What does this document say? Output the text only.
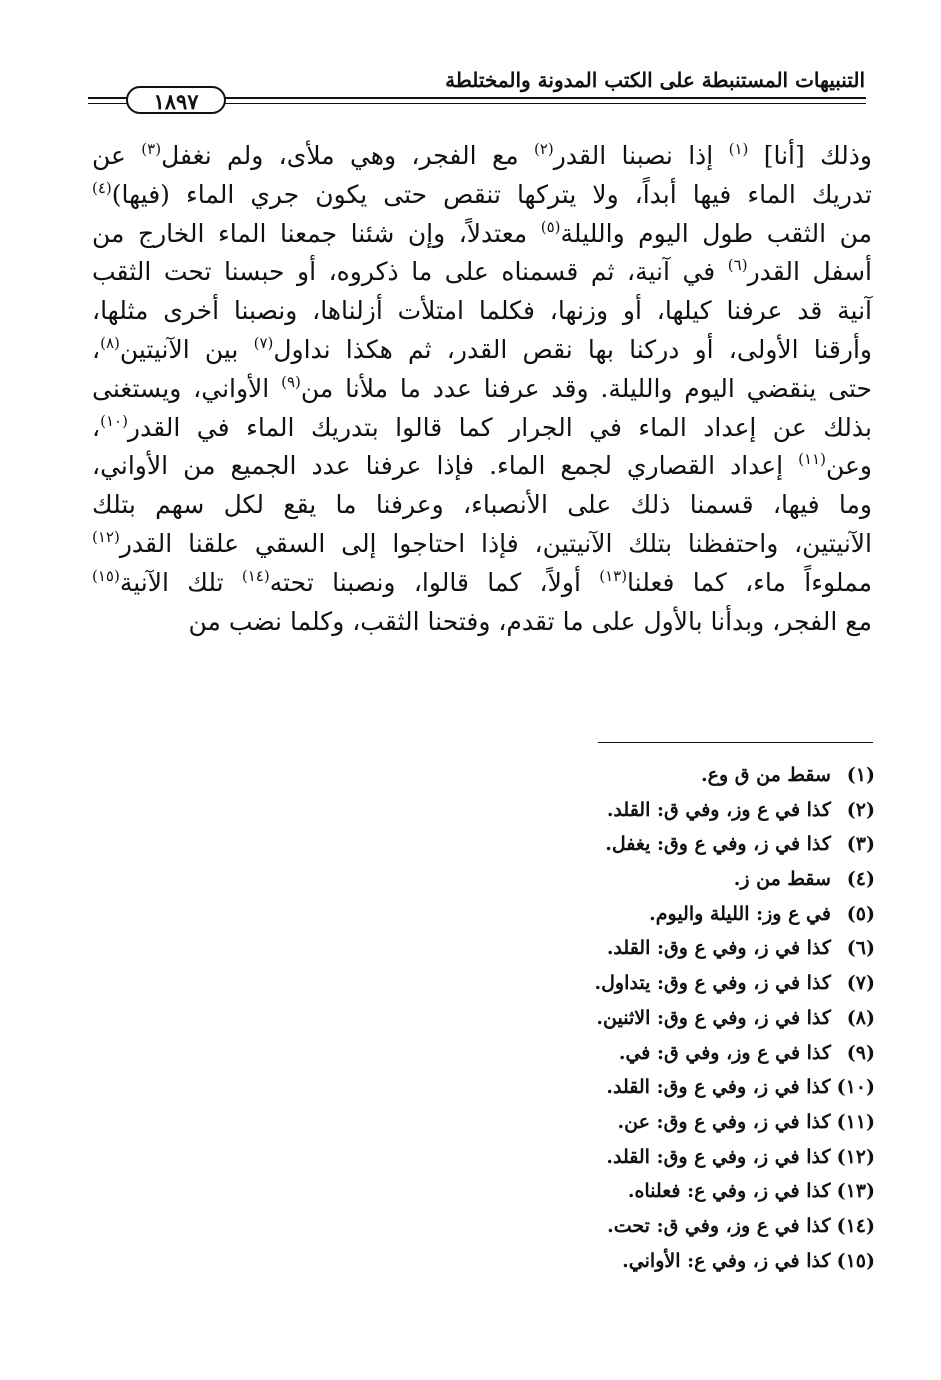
التنبيهات المستنبطة على الكتب المدونة والمختلطة
١٨٩٧
وذلك [أنا] $^{(١)}$ إذا نصبنا القدر$^{(٢)}$ مع الفجر، وهي ملأى، ولم نغفل$^{(٣)}$ عن
تدريك الماء فيها أبداً، ولا يتركها تنقص حتى يكون جري الماء (فيها)$^{(٤)}$
من الثقب طول اليوم والليلة$^{(٥)}$ معتدلاً، وإن شئنا جمعنا الماء الخارج من
أسفل القدر$^{(٦)}$ في آنية، ثم قسمناه على ما ذكروه، أو حبسنا تحت الثقب
آنية قد عرفنا كيلها، أو وزنها، فكلما امتلأت أزلناها، ونصبنا أخرى مثلها،
وأرقنا الأولى، أو دركنا بها نقص القدر، ثم هكذا نداول$^{(٧)}$ بين الآنيتين$^{(٨)}$،
حتى ينقضي اليوم والليلة. وقد عرفنا عدد ما ملأنا من$^{(٩)}$ الأواني، ويستغنى
بذلك عن إعداد الماء في الجرار كما قالوا بتدريك الماء في القدر$^{(١٠)}$،
وعن$^{(١١)}$ إعداد القصاري لجمع الماء. فإذا عرفنا عدد الجميع من الأواني،
وما فيها، قسمنا ذلك على الأنصباء، وعرفنا ما يقع لكل سهم بتلك
الآنيتين، واحتفظنا بتلك الآنيتين، فإذا احتاجوا إلى السقي علقنا القدر$^{(١٢)}$
مملوءاً ماء، كما فعلنا$^{(١٣)}$ أولاً، كما قالوا، ونصبنا تحته$^{(١٤)}$ تلك الآنية$^{(١٥)}$
مع الفجر، وبدأنا بالأول على ما تقدم، وفتحنا الثقب، وكلما نضب من
(١) سقط من ق وع.
(٢) كذا في ع وز، وفي ق: القلد.
(٣) كذا في ز، وفي ع وق: يغفل.
(٤) سقط من ز.
(٥) في ع وز: الليلة واليوم.
(٦) كذا في ز، وفي ع وق: القلد.
(٧) كذا في ز، وفي ع وق: يتداول.
(٨) كذا في ز، وفي ع وق: الاثنين.
(٩) كذا في ع وز، وفي ق: في.
(١٠) كذا في ز، وفي ع وق: القلد.
(١١) كذا في ز، وفي ع وق: عن.
(١٢) كذا في ز، وفي ع وق: القلد.
(١٣) كذا في ز، وفي ع: فعلناه.
(١٤) كذا في ع وز، وفي ق: تحت.
(١٥) كذا في ز، وفي ع: الأواني.
